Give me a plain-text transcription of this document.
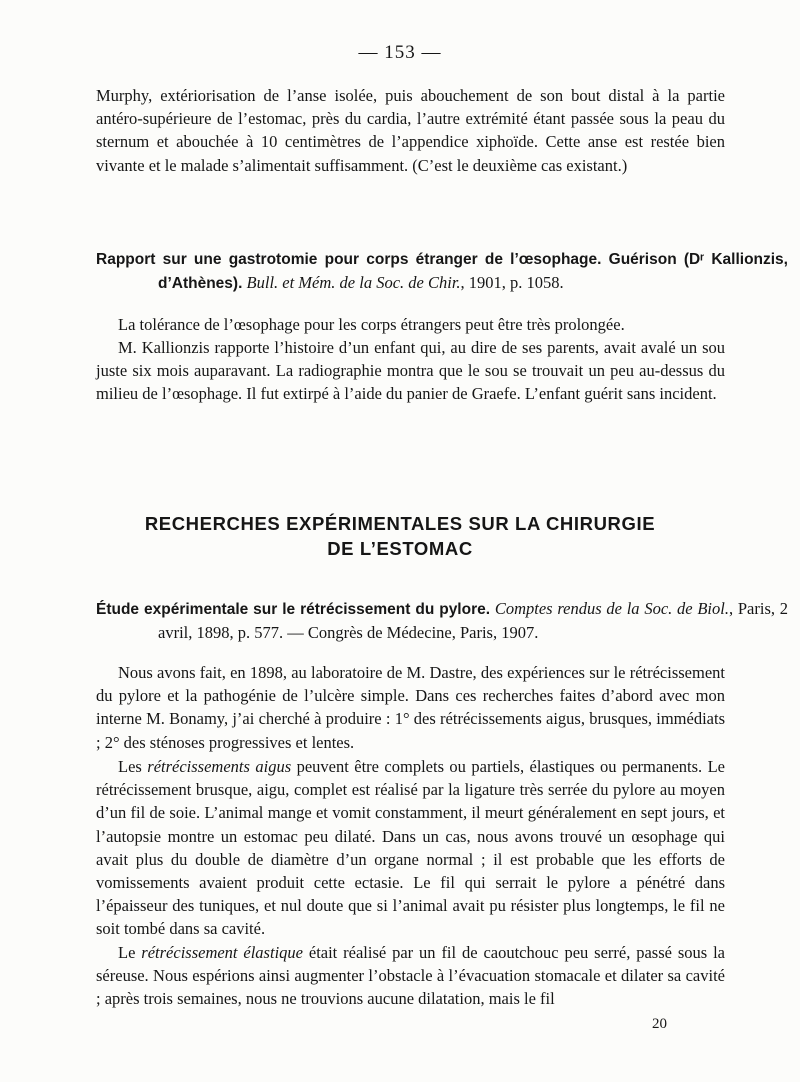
— 153 —

Murphy, extériorisation de l’anse isolée, puis abouchement de son bout distal à la partie antéro-supérieure de l’estomac, près du cardia, l’autre extrémité étant passée sous la peau du sternum et abouchée à 10 centimètres de l’appendice xiphoïde. Cette anse est restée bien vivante et le malade s’alimentait suffisamment. (C’est le deuxième cas existant.)

Rapport sur une gastrotomie pour corps étranger de l’œsophage. Guérison (Dʳ Kallionzis, d’Athènes). Bull. et Mém. de la Soc. de Chir., 1901, p. 1058.

La tolérance de l’œsophage pour les corps étrangers peut être très prolongée.

M. Kallionzis rapporte l’histoire d’un enfant qui, au dire de ses parents, avait avalé un sou juste six mois auparavant. La radiographie montra que le sou se trouvait un peu au-dessus du milieu de l’œsophage. Il fut extirpé à l’aide du panier de Graefe. L’enfant guérit sans incident.

RECHERCHES EXPÉRIMENTALES SUR LA CHIRURGIE
DE L’ESTOMAC

Étude expérimentale sur le rétrécissement du pylore. Comptes rendus de la Soc. de Biol., Paris, 2 avril, 1898, p. 577. — Congrès de Médecine, Paris, 1907.

Nous avons fait, en 1898, au laboratoire de M. Dastre, des expériences sur le rétrécissement du pylore et la pathogénie de l’ulcère simple. Dans ces recherches faites d’abord avec mon interne M. Bonamy, j’ai cherché à produire : 1° des rétrécissements aigus, brusques, immédiats ; 2° des sténoses progressives et lentes.

Les rétrécissements aigus peuvent être complets ou partiels, élastiques ou permanents. Le rétrécissement brusque, aigu, complet est réalisé par la ligature très serrée du pylore au moyen d’un fil de soie. L’animal mange et vomit constamment, il meurt généralement en sept jours, et l’autopsie montre un estomac peu dilaté. Dans un cas, nous avons trouvé un œsophage qui avait plus du double de diamètre d’un organe normal ; il est probable que les efforts de vomissements avaient produit cette ectasie. Le fil qui serrait le pylore a pénétré dans l’épaisseur des tuniques, et nul doute que si l’animal avait pu résister plus longtemps, le fil ne soit tombé dans sa cavité.

Le rétrécissement élastique était réalisé par un fil de caoutchouc peu serré, passé sous la séreuse. Nous espérions ainsi augmenter l’obstacle à l’évacuation stomacale et dilater sa cavité ; après trois semaines, nous ne trouvions aucune dilatation, mais le fil

20
